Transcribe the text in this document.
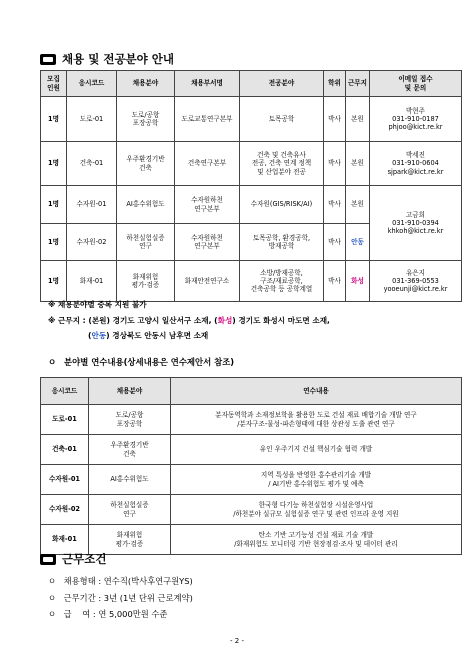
채용 및 전공분야 안내
모집
인원	응시코드	채용분야	채용부서명	전공분야	학위	근무지	이메일 접수
및 문의
1명	도로-01	도로/공항
포장공학	도로교통연구본부	토목공학	박사	본원	박현주
031-910-0187
phjoo@kict.re.kr
1명	건축-01	우주환경기반
건축	건축연구본부	건축 및 건축유사
전공, 건축 연계 정책
및 산업분야 전공	박사	본원	박세진
031-910-0604
sjpark@kict.re.kr
1명	수자원-01	AI홍수위험도	수자원하천
연구본부	수자원(GIS/RISK/AI)	박사	본원	고금희
031-910-0394
khkoh@kict.re.kr
1명	수자원-02	하천실험실증
연구	수자원하천
연구본부	토목공학, 환경공학,
방재공학	박사	안동	
1명	화재-01	화재위험
평가·검증	화재안전연구소	소방/방재공학,
구조/재료공학,
건축공학 등 공학계열	박사	화성	유은지
031-369-0553
yooeunji@kict.re.kr
※ 채용분야별 중복 지원 불가
※ 근무지 : (본원) 경기도 고양시 일산서구 소재, (화성) 경기도 화성시 마도면 소재,
(안동) 경상북도 안동시 남후면 소재
ㅇ 분야별 연수내용(상세내용은 연수제안서 참조)
응시코드	채용분야	연수내용
도로-01	도로/공항
포장공학	분자동역학과 소재정보학을 활용한 도로 건설 재료 배합기술 개발 연구
/분자구조-물성-파손형태에 대한 상관성 도출 관련 연구
건축-01	우주환경기반
건축	유인 우주기지 건설 핵심기술 협력 개발
수자원-01	AI홍수위험도	지역 특성을 반영한 홍수관리기술 개발
/ AI기반 홍수위험도 평가 및 예측
수자원-02	하천실험실증
연구	한국형 다기능 하천실험장 시설운영사업
/하천분야 실규모 실험실증 연구 및 관련 인프라 운영 지원
화재-01	화재위험
평가·검증	탄소 기반 고기능성 건설 재료 기술 개발
/화재위험도 모니터링 기반 현장점검·조사 및 데이터 관리
근무조건
ㅇ 채용형태 : 연수직(박사후연구원YS)
ㅇ 근무기간 : 3년 (1년 단위 근로계약)
ㅇ 급    여 : 연 5,000만원 수준
- 2 -
